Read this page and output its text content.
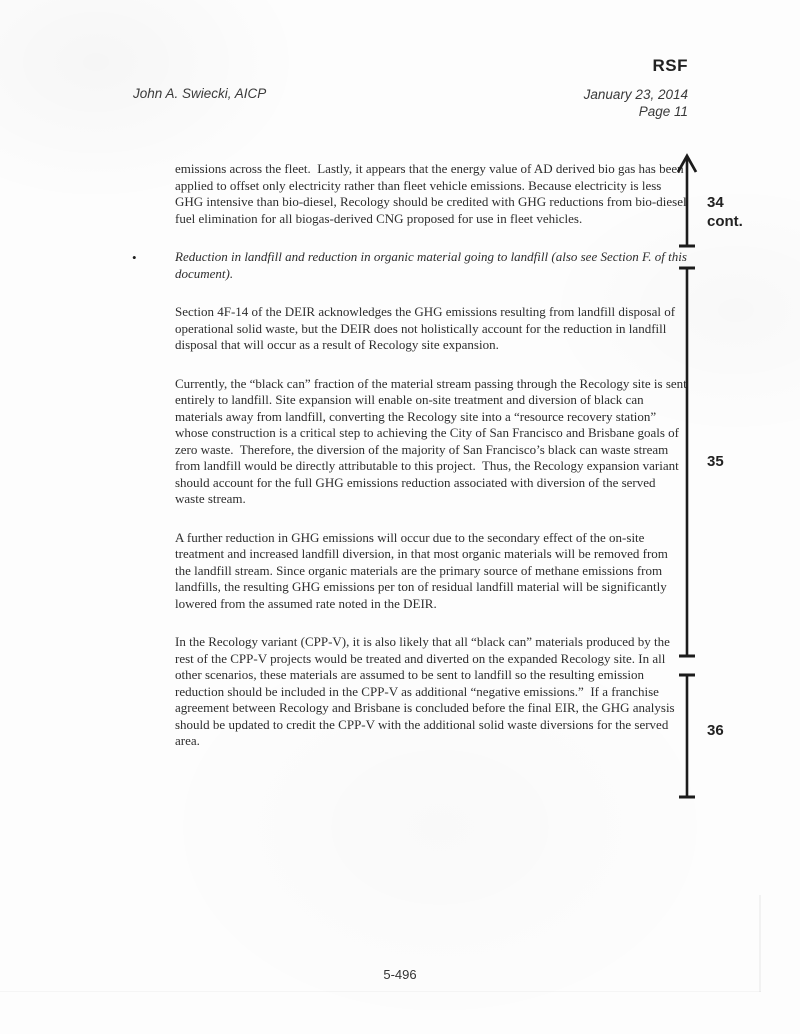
RSF
John A. Swiecki, AICP	January 23, 2014
Page 11

emissions across the fleet.  Lastly, it appears that the energy value of AD derived bio gas has been applied to offset only electricity rather than fleet vehicle emissions. Because electricity is less GHG intensive than bio-diesel, Recology should be credited with GHG reductions from bio-diesel fuel elimination for all biogas-derived CNG proposed for use in fleet vehicles.

•	Reduction in landfill and reduction in organic material going to landfill (also see Section F. of this document).

Section 4F-14 of the DEIR acknowledges the GHG emissions resulting from landfill disposal of operational solid waste, but the DEIR does not holistically account for the reduction in landfill disposal that will occur as a result of Recology site expansion.

Currently, the “black can” fraction of the material stream passing through the Recology site is sent entirely to landfill. Site expansion will enable on-site treatment and diversion of black can materials away from landfill, converting the Recology site into a “resource recovery station” whose construction is a critical step to achieving the City of San Francisco and Brisbane goals of zero waste.  Therefore, the diversion of the majority of San Francisco’s black can waste stream from landfill would be directly attributable to this project.  Thus, the Recology expansion variant should account for the full GHG emissions reduction associated with diversion of the served waste stream.

A further reduction in GHG emissions will occur due to the secondary effect of the on-site treatment and increased landfill diversion, in that most organic materials will be removed from the landfill stream. Since organic materials are the primary source of methane emissions from landfills, the resulting GHG emissions per ton of residual landfill material will be significantly lowered from the assumed rate noted in the DEIR.

In the Recology variant (CPP-V), it is also likely that all “black can” materials produced by the rest of the CPP-V projects would be treated and diverted on the expanded Recology site. In all other scenarios, these materials are assumed to be sent to landfill so the resulting emission reduction should be included in the CPP-V as additional “negative emissions.”  If a franchise agreement between Recology and Brisbane is concluded before the final EIR, the GHG analysis should be updated to credit the CPP-V with the additional solid waste diversions for the served area.

34
cont.
35
36
5-496
